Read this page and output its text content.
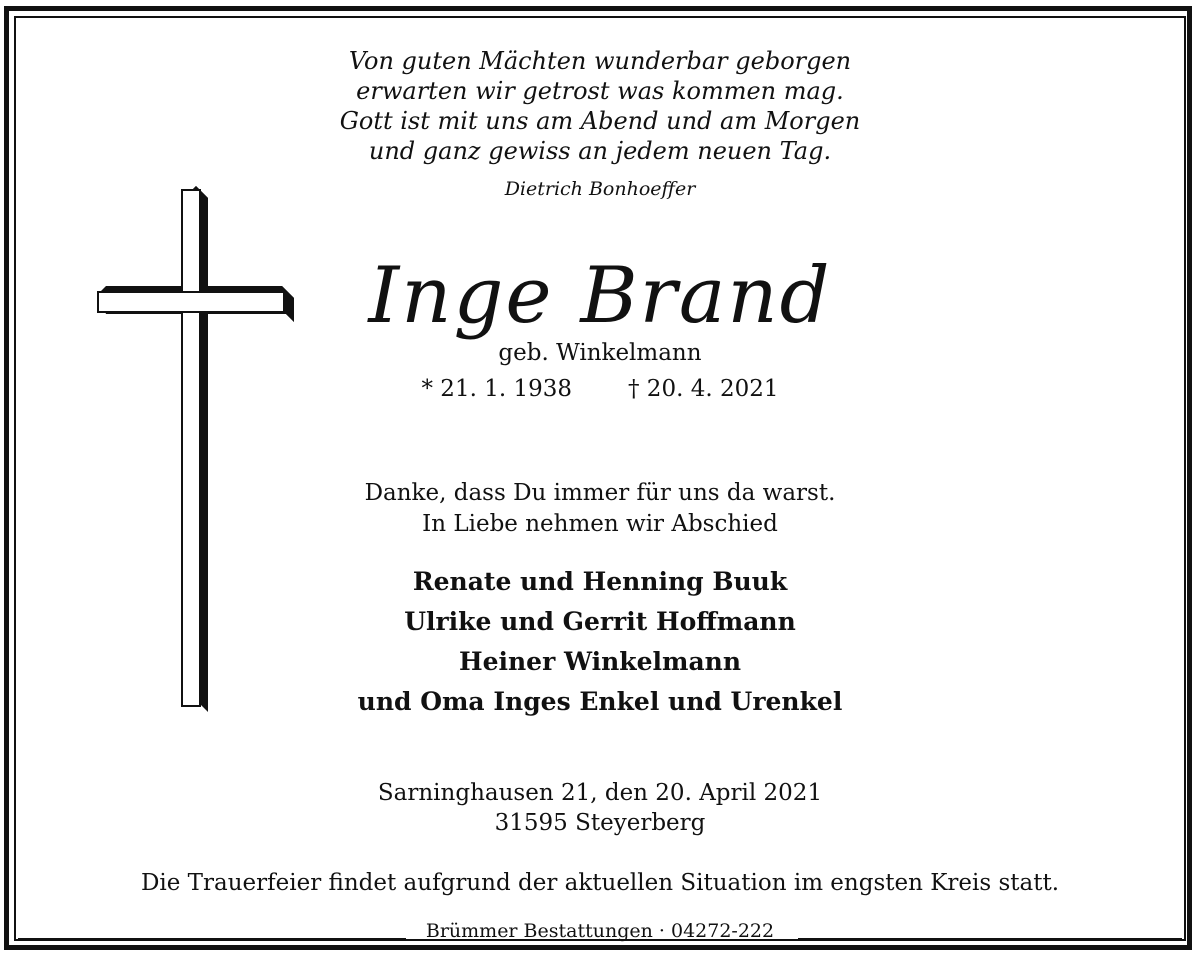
Von guten Mächten wunderbar geborgen
erwarten wir getrost was kommen mag.
Gott ist mit uns am Abend und am Morgen
und ganz gewiss an jedem neuen Tag.
Dietrich Bonhoeffer
Inge Brand
geb. Winkelmann
* 21. 1. 1938 † 20. 4. 2021
Danke, dass Du immer für uns da warst.
In Liebe nehmen wir Abschied
Renate und Henning Buuk
Ulrike und Gerrit Hoffmann
Heiner Winkelmann
und Oma Inges Enkel und Urenkel
Sarninghausen 21, den 20. April 2021
31595 Steyerberg
Die Trauerfeier findet aufgrund der aktuellen Situation im engsten Kreis statt.
Brümmer Bestattungen · 04272-222
